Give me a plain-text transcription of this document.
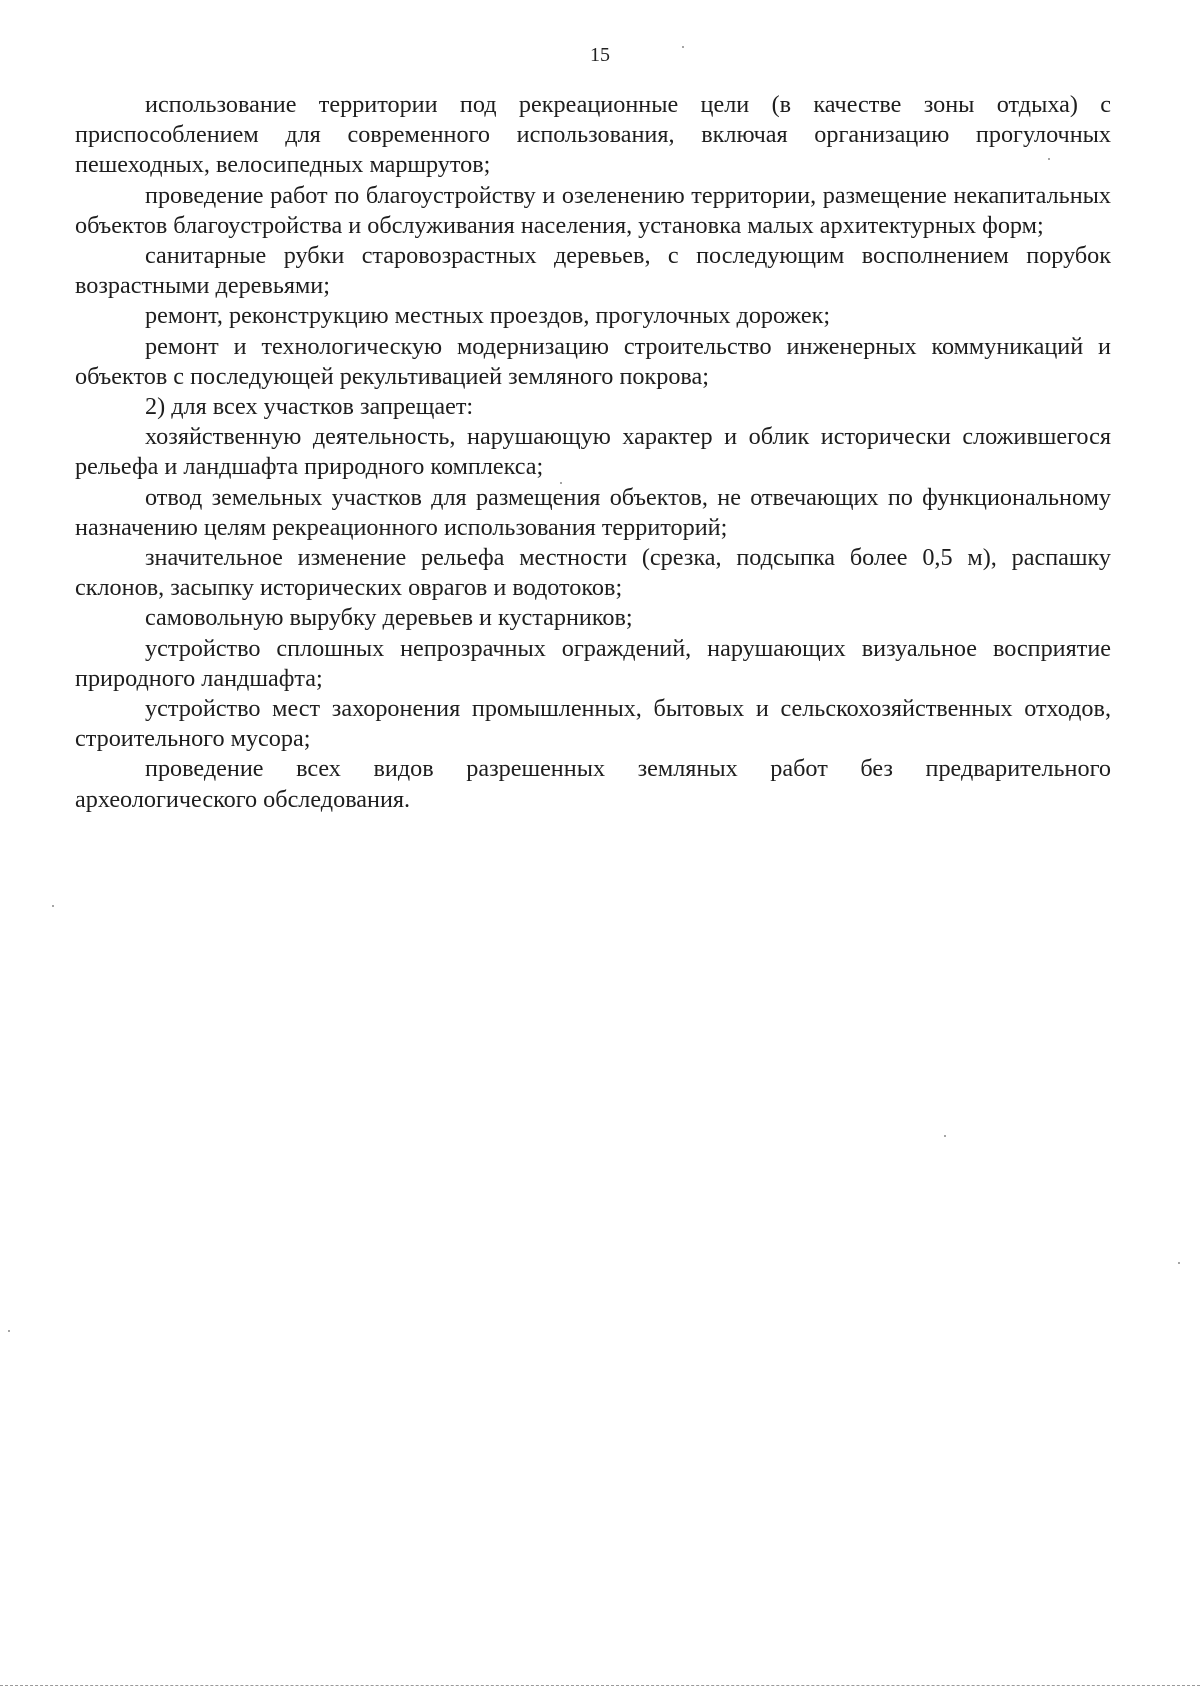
15

использование территории под рекреационные цели (в качестве зоны отдыха) с приспособлением для современного использования, включая организацию прогулочных пешеходных, велосипедных маршрутов;

проведение работ по благоустройству и озеленению территории, размещение некапитальных объектов благоустройства и обслуживания населения, установка малых архитектурных форм;

санитарные рубки старовозрастных деревьев, с последующим восполнением порубок возрастными деревьями;

ремонт, реконструкцию местных проездов, прогулочных дорожек;

ремонт и технологическую модернизацию строительство инженерных коммуникаций и объектов с последующей рекультивацией земляного покрова;

2) для всех участков запрещает:

хозяйственную деятельность, нарушающую характер и облик исторически сложившегося рельефа и ландшафта природного комплекса;

отвод земельных участков для размещения объектов, не отвечающих по функциональному назначению целям рекреационного использования территорий;

значительное изменение рельефа местности (срезка, подсыпка более 0,5 м), распашку склонов, засыпку исторических оврагов и водотоков;

самовольную вырубку деревьев и кустарников;

устройство сплошных непрозрачных ограждений, нарушающих визуальное восприятие природного ландшафта;

устройство мест захоронения промышленных, бытовых и сельскохозяйственных отходов, строительного мусора;

проведение всех видов разрешенных земляных работ без предварительного археологического обследования.
